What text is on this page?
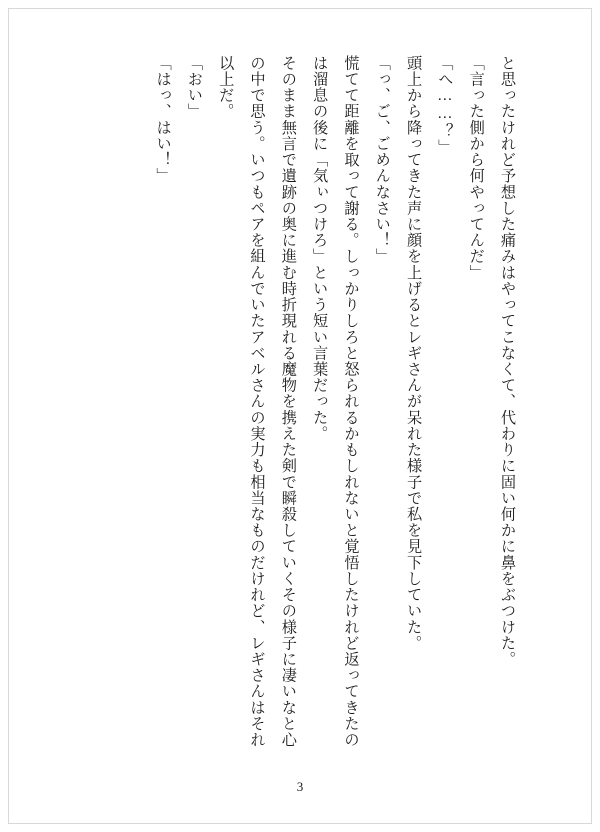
と思ったけれど予想した痛みはやってこなくて、代わりに固い何かに鼻をぶつけた。

「言った側から何やってんだ」

「へ……？」

頭上から降ってきた声に顔を上げるとレギさんが呆れた様子で私を見下していた。

「っ、ご、ごめんなさい！」

慌てて距離を取って謝る。しっかりしろと怒られるかもしれないと覚悟したけれど返ってきたのは溜息の後に「気ぃつけろ」という短い言葉だった。

そのまま無言で遺跡の奥に進む時折現れる魔物を携えた剣で瞬殺していくその様子に凄いなと心の中で思う。いつもペアを組んでいたアベルさんの実力も相当なものだけれど、レギさんはそれ以上だ。

「おい」

「はっ、はい！」

3
